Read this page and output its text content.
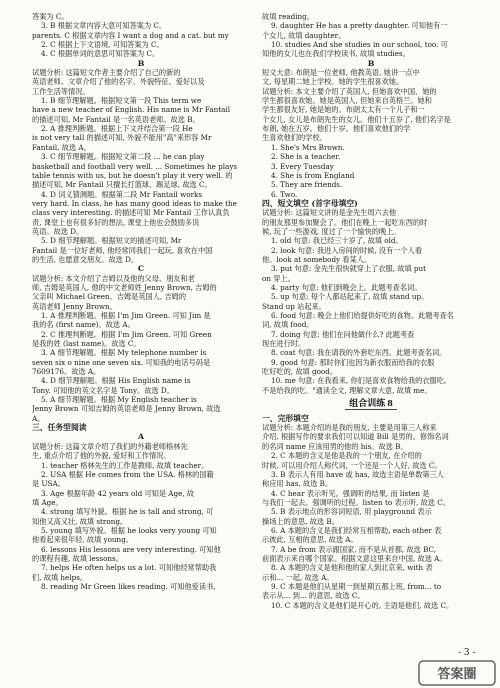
答案为 C。
3. B 根据文章内容大意可知答案为 C。
parents. C 根据文章内容 I want a dog and a cat. but my
2. C 根据上下文语境, 可知答案为 C。
4. C 根据单词的意思可知答案为 C。
B
试题分析: 这篇短文作者主要介绍了自己的新的
英语老师。文章介绍了他的名字、外貌特征、爱好以及
工作生活等情况。
1. B 细节理解题。根据短文第一段 This term we
have a new teacher of English. His name is Mr Fantail
的描述可知, Mr Fantail 是一名英语老师。故选 B。
2. A 推理判断题。根据上下文并结合第一段 He
is not very tall 的描述可知, 外貌不能用"高"来形容 Mr
Fantail, 故选 A。
3. C 细节理解题。根据短文第二段 ... he can play
basketball and football very well. ... Sometimes he plays
table tennis with us, but he doesn't play it very well. 的
描述可知, Mr Fantail 只擅长打篮球、踢足球, 故选 C。
4. D 词义猜测题。根据第二段 Mr Fantail works
very hard. In class, he has many good ideas to make the
class very interesting. 的描述可知 Mr Fantail 工作认真负
责, 课堂上也有很多好的想法, 课堂上他也会鼓励多说
英语。故选 D。
5. D 细节理解题。根据短文的描述可知, Mr
Fantail 是一位好老师, 他经常同我们一起玩, 喜欢在中国
的生活, 也愿意交朋友。故选 D。
C
试题分析: 本文介绍了吉姆以及他的父母、朋友和老
师, 吉姆是英国人, 他的中文老师姓 Jenny Brown, 吉姆的
父亲叫 Michael Green。吉姆是英国人, 吉姆的
英语老师 Jenny Brown。
1. A 推理判断题。根据 I'm Jim Green. 可知 Jim 是
我的名 (first name)。故选 A。
2. C 推理判断题。根据 I'm Jim Green. 可知 Green
是我的姓 (last name)。故选 C。
3. A 细节理解题。根据 My telephone number is
seven six o nine one seven six. 可知我的电话号码是
7609176。故选 A。
4. D 细节理解题。根据 His English name is
Tony. 可知他的英文名字是 Tony。故选 D。
5. A 细节理解题。根据 My English teacher is
Jenny Brown 可知吉姆的英语老师是 Jenny Brown, 故选
A。
三、任务型阅读
A
试题分析: 这篇文章介绍了我们的外籍老师格林先
生, 重点介绍了他的外貌, 爱好和工作情况。
1. teacher 格林先生的工作是教师, 故填 teacher。
2. USA 根据 He comes from the USA. 格林的国籍
是 USA。
3. Age 根据年龄 42 years old 可知是 Age, 故
填 Age。
4. strong 填写外貌。根据 he is tall and strong, 可
知他又高又壮, 故填 strong。
5. young 填写外貌。根据 he looks very young 可知
他看起来很年轻, 故填 young。
6. lessons His lessons are very interesting. 可知他
的课程有趣, 故填 lessons。
7. helps He often helps us a lot. 可知他经常帮助我
们, 故填 helps。
8. reading Mr Green likes reading. 可知他爱读书,
故填 reading。
9. daughter He has a pretty daughter. 可知他有一
个女儿, 故填 daughter。
10. studies And she studies in our school, too. 可
知他的女儿也在我们学校读书, 故填 studies。
B
短文大意: 布朗是一位老师, 他教英语, 她讲一点中
文, 每星期二她上学校。她的学生很喜欢她。
试题分析: 本文主要介绍了英国人, 但她喜欢中国、她的
学生都很喜欢她。她是英国人, 但她来自英格兰。她和
学生都很友好, 她是她的。布朗太太有一个儿子和一
个女儿, 女儿是布朗先生的女儿。他们十五岁了, 他们名字是
布朗, 她在五岁。他们十岁。他们喜欢他们的学
生喜欢他们的学校。
1. She's Mrs Brown.
2. She is a teacher.
3. Every Tuesday
4. She is from England
5. They are friends.
6. Two.
四、短文填空 (首字母填空)
试题分析: 这篇短文讲的是金先生周六去他
的朋友那里参加聚会了。他们在晚上一起吃东西的时
候, 玩了一些游戏, 度过了一个愉快的晚上。
1. old 句意: 我已经三十岁了, 故填 old。
2. look 句意: 我进入房间的时候, 没有一个人看
他。look at somebody 看某人。
3. put 句意: 金先生很快就穿上了衣服, 故填 put
on 穿上。
4. party 句意: 他们到晚会上。此题考查名词。
5. up 句意: 每个人都站起来了, 故填 stand up。
Stand up 站起来。
6. food 句意: 晚会上他们给提供好吃的食物。此题考查名
词, 故填 food。
7. doing 句意: 他们在问他做什么? 此题考查
现在进行时。
8. coat 句意: 我在请我的外套吃东西。此题考查名词。
9. good 句意: 那时你们也因为新衣服而给我的衣服
吃好吃的, 故填 good。
10. me 句意: 在我看来, 你们是喜欢食物给我的衣服吃,
不是给我的吃。"通读全文, 理解文章大意, 故填 me。
一、完形填空
试题分析: 本题介绍的是我的朋友, 主要是用第三人称来
介绍, 根据写作的要求我们可以知道 Bill 是男的。修饰名词
的名词 name 应该用男的他的 his。故选 B。
2. C 本题的含义是他是我的一个朋友, 在介绍的
时候, 可以用介绍人称代词, 一个还是一个人好, 故选 C。
3. B 表示人有用 have 或 has, 故选主语是单数第三人
称应用 has, 故选 B。
4. C hear 表示听见。强调听的结果, 而 listen 是
与我们一起去。强调听的过程。listen to 表示听, 故选 C。
5. B 表示地点的形容词短语, 用 playground 表示
操场上的意思, 故选 B。
6. A 本题的含义是我们经常互相帮助, each other 表
示彼此, 互相的意思, 故选 A。
7. A be from 表示跟国家, 而不是从首都, 故选 BC,
前面表示来自哪个国家。根据文意这里来自中国, 故选 A。
8. A 本题的含义是他和他的家人到北京来, with 表
示和... 一起, 故选 A。
9. C 本题是他们从星期一到星期五都上班, from... to
表示从... 到... 的意思, 故选 C。
10. C 本题的含义是他们是开心的, 主语是他们, 故选 C。
组合训练 8
- 3 -
答案圈
